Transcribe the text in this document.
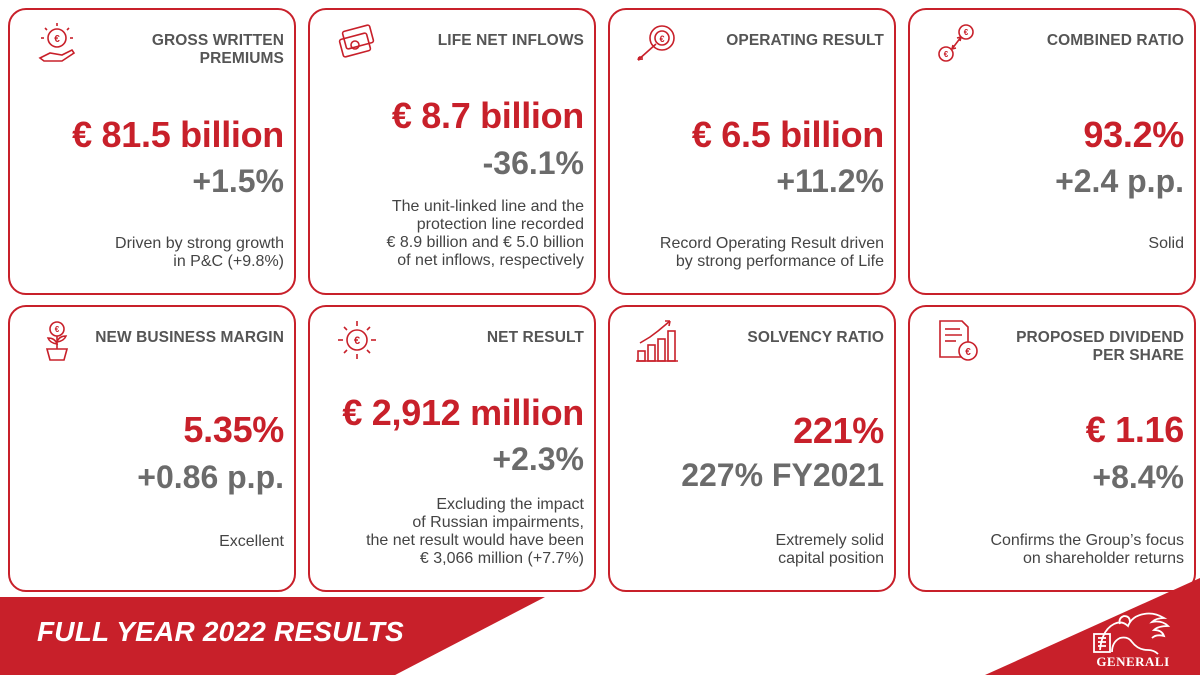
€	GROSS WRITTEN PREMIUMS
€ 81.5 billion
+1.5%
Driven by strong growth
in P&C (+9.8%)
LIFE NET INFLOWS
€ 8.7 billion
-36.1%
The unit-linked line and the
protection line recorded
€ 8.9 billion and € 5.0 billion
of net inflows, respectively
€	OPERATING RESULT
€ 6.5 billion
+11.2%
Record Operating Result driven
by strong performance of Life
€
€
COMBINED RATIO
93.2%
+2.4 p.p.
Solid
€ NEW BUSINESS MARGIN
5.35%
+0.86 p.p.
Excellent
€	NET RESULT
€ 2,912 million
+2.3%
Excluding the impact
of Russian impairments,
the net result would have been
€ 3,066 million (+7.7%)
SOLVENCY RATIO
221%
227% FY2021
Extremely solid
capital position
€
PROPOSED DIVIDEND PER SHARE
€ 1.16
+8.4%
Confirms the Group’s focus
on shareholder returns
FULL YEAR 2022 RESULTS
GENERALI
